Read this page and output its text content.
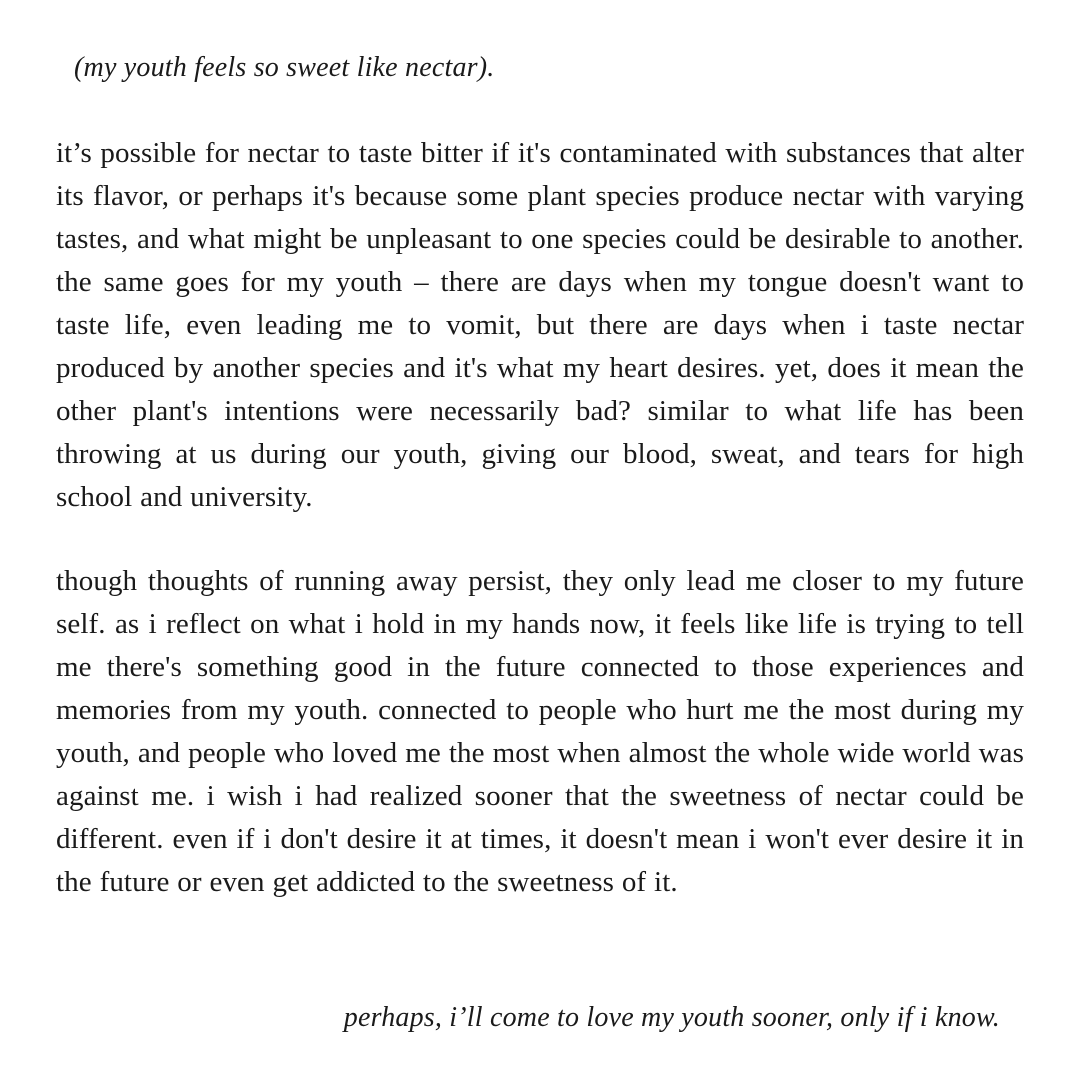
(my youth feels so sweet like nectar).

it’s possible for nectar to taste bitter if it's contaminated with substances that alter its flavor, or perhaps it's because some plant species produce nectar with varying tastes, and what might be unpleasant to one species could be desirable to another. the same goes for my youth – there are days when my tongue doesn't want to taste life, even leading me to vomit, but there are days when i taste nectar produced by another species and it's what my heart desires. yet, does it mean the other plant's intentions were necessarily bad? similar to what life has been throwing at us during our youth, giving our blood, sweat, and tears for high school and university.

though thoughts of running away persist, they only lead me closer to my future self. as i reflect on what i hold in my hands now, it feels like life is trying to tell me there's something good in the future connected to those experiences and memories from my youth. connected to people who hurt me the most during my youth, and people who loved me the most when almost the whole wide world was against me. i wish i had realized sooner that the sweetness of nectar could be different. even if i don't desire it at times, it doesn't mean i won't ever desire it in the future or even get addicted to the sweetness of it.

perhaps, i’ll come to love my youth sooner, only if i know.
